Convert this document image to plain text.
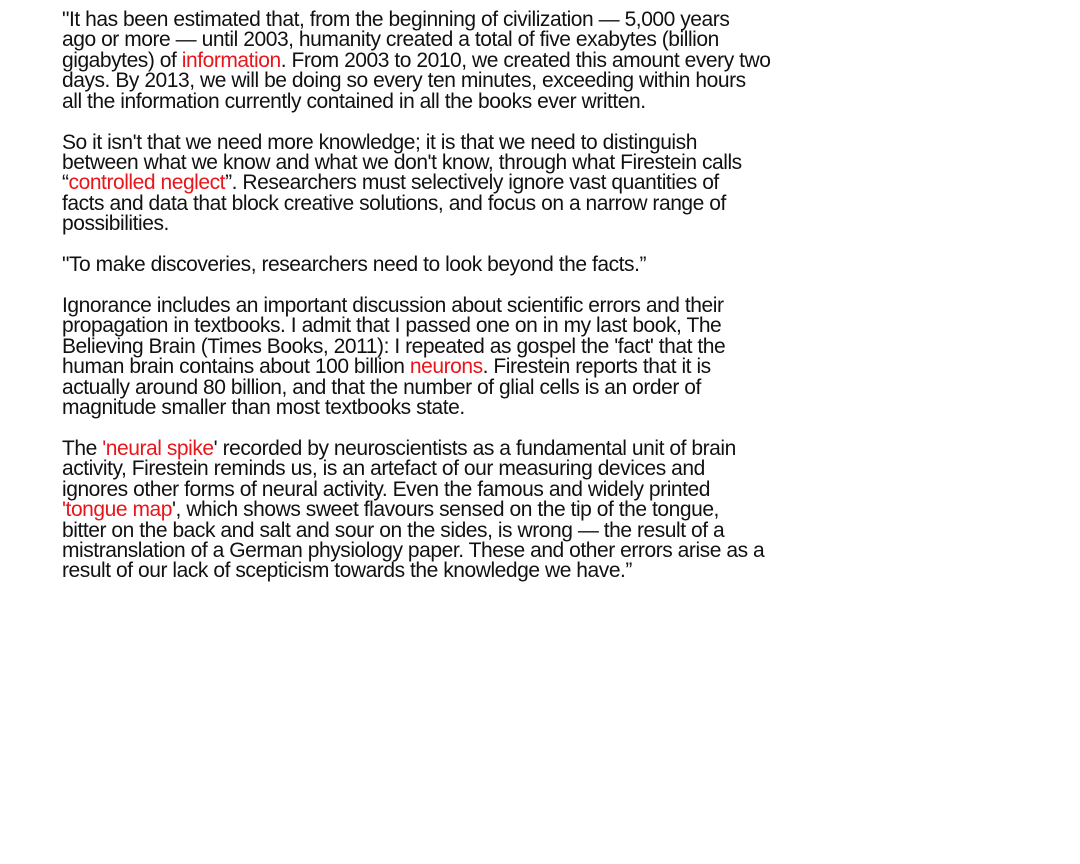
"It has been estimated that, from the beginning of civilization — 5,000 years
ago or more — until 2003, humanity created a total of five exabytes (billion
gigabytes) of information. From 2003 to 2010, we created this amount every two
days. By 2013, we will be doing so every ten minutes, exceeding within hours
all the information currently contained in all the books ever written.

So it isn't that we need more knowledge; it is that we need to distinguish
between what we know and what we don't know, through what Firestein calls
“controlled neglect”. Researchers must selectively ignore vast quantities of
facts and data that block creative solutions, and focus on a narrow range of
possibilities.

"To make discoveries, researchers need to look beyond the facts.”

Ignorance includes an important discussion about scientific errors and their
propagation in textbooks. I admit that I passed one on in my last book, The
Believing Brain (Times Books, 2011): I repeated as gospel the 'fact' that the
human brain contains about 100 billion neurons. Firestein reports that it is
actually around 80 billion, and that the number of glial cells is an order of
magnitude smaller than most textbooks state.

The 'neural spike' recorded by neuroscientists as a fundamental unit of brain
activity, Firestein reminds us, is an artefact of our measuring devices and
ignores other forms of neural activity. Even the famous and widely printed
'tongue map', which shows sweet flavours sensed on the tip of the tongue,
bitter on the back and salt and sour on the sides, is wrong — the result of a
mistranslation of a German physiology paper. These and other errors arise as a
result of our lack of scepticism towards the knowledge we have.”
